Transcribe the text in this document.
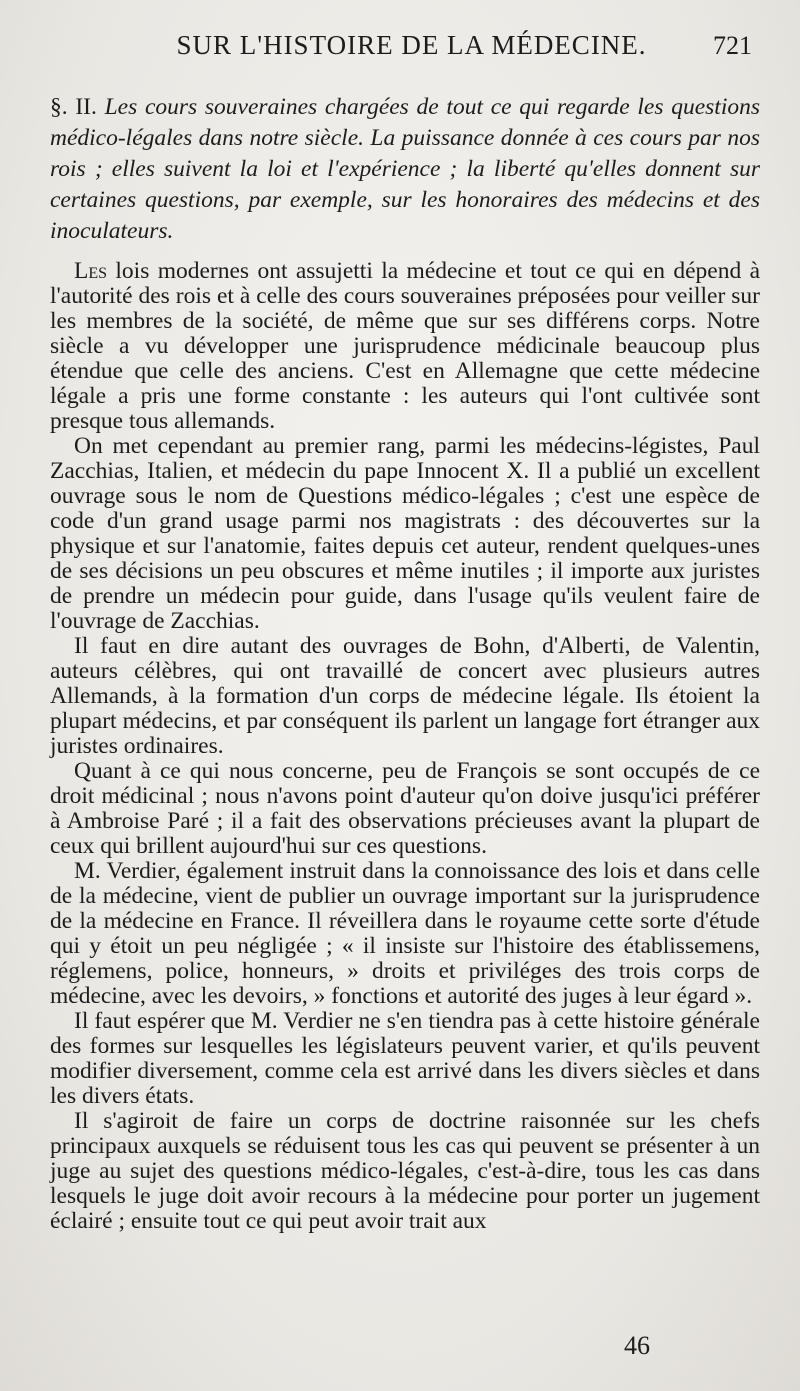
SUR L'HISTOIRE DE LA MÉDECINE.	721

§. II. Les cours souveraines chargées de tout ce qui regarde les questions médico-légales dans notre siècle. La puissance donnée à ces cours par nos rois ; elles suivent la loi et l'expérience ; la liberté qu'elles donnent sur certaines questions, par exemple, sur les honoraires des médecins et des inoculateurs.

Les lois modernes ont assujetti la médecine et tout ce qui en dépend à l'autorité des rois et à celle des cours souveraines préposées pour veiller sur les membres de la société, de même que sur ses différens corps. Notre siècle a vu développer une jurisprudence médicinale beaucoup plus étendue que celle des anciens. C'est en Allemagne que cette médecine légale a pris une forme constante : les auteurs qui l'ont cultivée sont presque tous allemands.

On met cependant au premier rang, parmi les médecins-légistes, Paul Zacchias, Italien, et médecin du pape Innocent X. Il a publié un excellent ouvrage sous le nom de Questions médico-légales ; c'est une espèce de code d'un grand usage parmi nos magistrats : des découvertes sur la physique et sur l'anatomie, faites depuis cet auteur, rendent quelques-unes de ses décisions un peu obscures et même inutiles ; il importe aux juristes de prendre un médecin pour guide, dans l'usage qu'ils veulent faire de l'ouvrage de Zacchias.

Il faut en dire autant des ouvrages de Bohn, d'Alberti, de Valentin, auteurs célèbres, qui ont travaillé de concert avec plusieurs autres Allemands, à la formation d'un corps de médecine légale. Ils étoient la plupart médecins, et par conséquent ils parlent un langage fort étranger aux juristes ordinaires.

Quant à ce qui nous concerne, peu de François se sont occupés de ce droit médicinal ; nous n'avons point d'auteur qu'on doive jusqu'ici préférer à Ambroise Paré ; il a fait des observations précieuses avant la plupart de ceux qui brillent aujourd'hui sur ces questions.

M. Verdier, également instruit dans la connoissance des lois et dans celle de la médecine, vient de publier un ouvrage important sur la jurisprudence de la médecine en France. Il réveillera dans le royaume cette sorte d'étude qui y étoit un peu négligée ; « il insiste sur l'histoire des établissemens, réglemens, police, honneurs, » droits et priviléges des trois corps de médecine, avec les devoirs, » fonctions et autorité des juges à leur égard ».

Il faut espérer que M. Verdier ne s'en tiendra pas à cette histoire générale des formes sur lesquelles les législateurs peuvent varier, et qu'ils peuvent modifier diversement, comme cela est arrivé dans les divers siècles et dans les divers états.

Il s'agiroit de faire un corps de doctrine raisonnée sur les chefs principaux auxquels se réduisent tous les cas qui peuvent se présenter à un juge au sujet des questions médico-légales, c'est-à-dire, tous les cas dans lesquels le juge doit avoir recours à la médecine pour porter un jugement éclairé ; ensuite tout ce qui peut avoir trait aux

46
